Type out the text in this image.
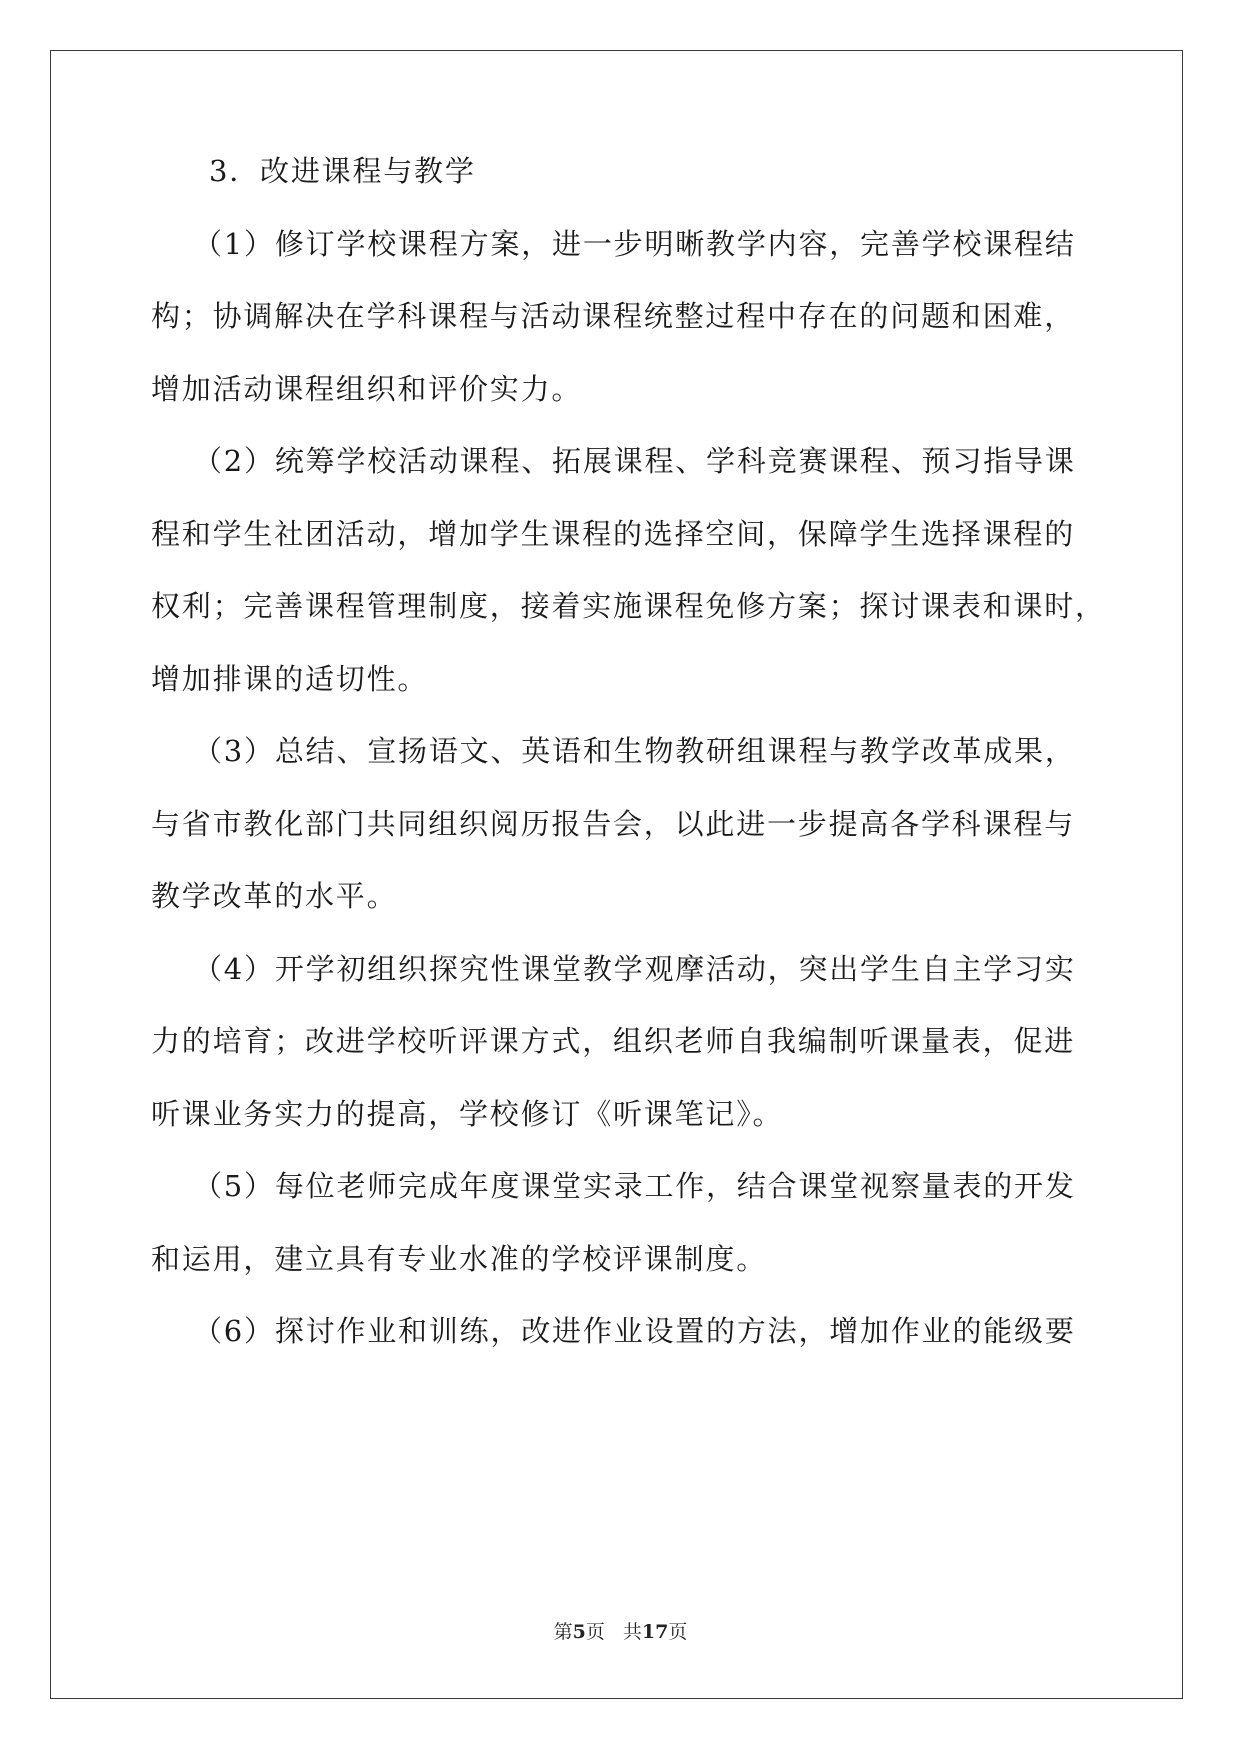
3．改进课程与教学
（1）修订学校课程方案，进一步明晰教学内容，完善学校课程结
构；协调解决在学科课程与活动课程统整过程中存在的问题和困难，
增加活动课程组织和评价实力。
（2）统筹学校活动课程、拓展课程、学科竞赛课程、预习指导课
程和学生社团活动，增加学生课程的选择空间，保障学生选择课程的
权利；完善课程管理制度，接着实施课程免修方案；探讨课表和课时，
增加排课的适切性。
（3）总结、宣扬语文、英语和生物教研组课程与教学改革成果，
与省市教化部门共同组织阅历报告会，以此进一步提高各学科课程与
教学改革的水平。
（4）开学初组织探究性课堂教学观摩活动，突出学生自主学习实
力的培育；改进学校听评课方式，组织老师自我编制听课量表，促进
听课业务实力的提高，学校修订《听课笔记》。
（5）每位老师完成年度课堂实录工作，结合课堂视察量表的开发
和运用，建立具有专业水准的学校评课制度。
（6）探讨作业和训练，改进作业设置的方法，增加作业的能级要
第5页 共17页
